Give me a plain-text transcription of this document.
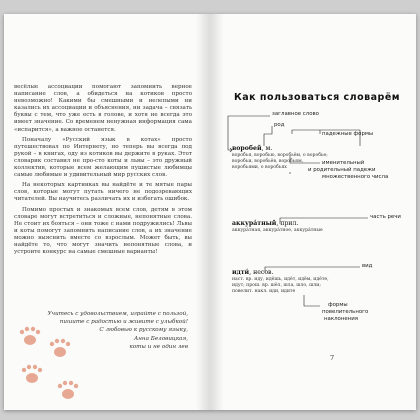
весёлые ассоциации помогают запомнить верное написание слов, а обидеться на котиков просто невозможно! Какими бы смешными и нелепыми ни казались их ассоциации и объяснения, ни задача – связать буквы с тем, что уже есть в голове, и хотя не всегда это имеет значение. Со временем ненужная информация сама «испарится», а важное останется.

Поначалу «Русский язык в котах» просто путешествовал по Интернету, но теперь вы всегда под рукой – в книгах, оду из котиков вы держите в руках. Этот словарик составил не про-сто коты и львы – это дружный коллектив, которые всем желающим пушистые любимцы самые любимые и удивительный мир русских слов.

На некоторых картинках вы найдёте и те мятые пары слов, которые могут путать ничего не подозревающих читателей. Вы научитесь различать их и избегать ошибок.

Помимо простых и знакомых всем слов, детям в этом словаре могут встретиться и сложные, непонятные слова. Не стоит их бояться – они тоже с нами подружились! Львы и коты помогут запомнить написание слов, а их значение можно выяснить вместе со взрослым. Может быть, вы найдёте то, что могут значить непонятные слова, и устроите конкурс на самые смешные варианты!

Учитесь с удовольствием, играйте с пользой,
пишите с радостью и живите с улыбкой!
С любовью к русскому языку,
Анна Беловицкая,
коты и не один лев
Как пользоваться словарём
заглавное слово
род
падежные формы
воробей, м.
воробья, воробью, воробьём, о воробье;
воробьи, воробьёв, воробьям,
воробьями, о воробьях
именительный
и родительный падежи
множественного числа
часть речи
аккура́тный, прил.
аккура́тная, аккура́тное, аккура́тные
вид
идти́, несов.
наст. вр. иду, идёшь, идёт, идём, идёте,
идут; прош. вр. шёл, шла, шло, шли;
повелит. накл. иди, идите
формы
повелительного
наклонения
7
